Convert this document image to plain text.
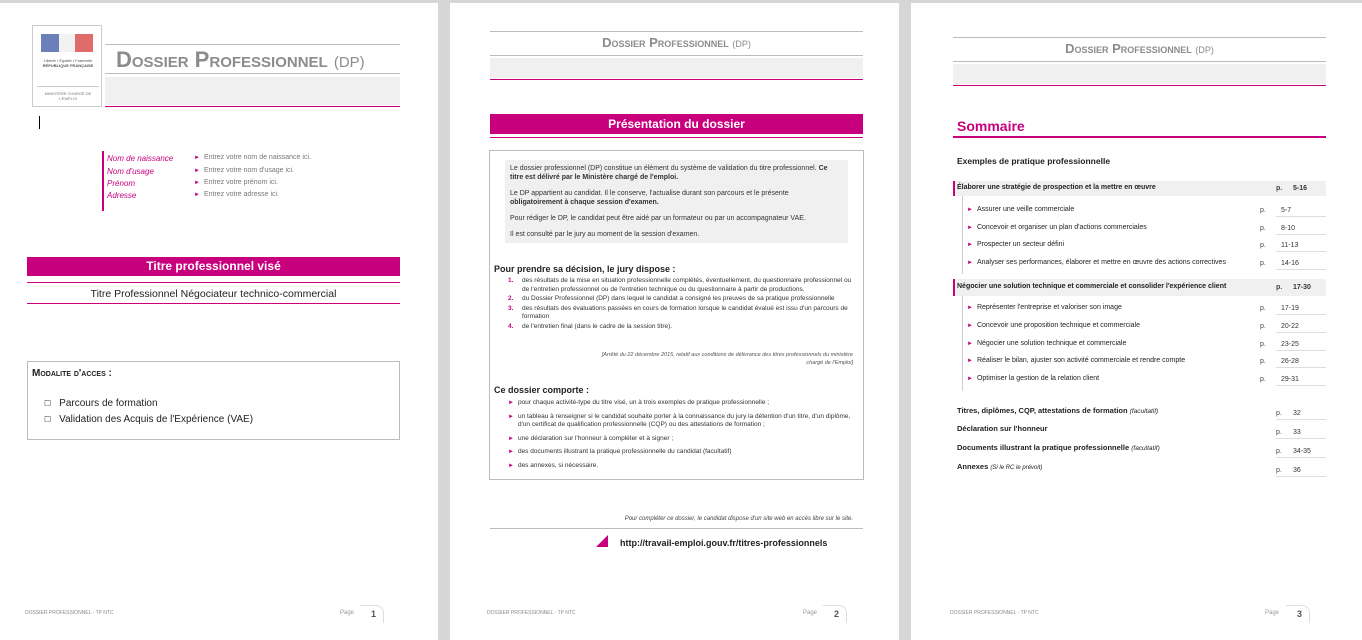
Liberté • Égalité • Fraternité
RÉPUBLIQUE FRANÇAISE
MINISTÈRE CHARGÉ DE L'EMPLOI
Dossier Professionnel (DP)
Nom de naissance	► Entrez votre nom de naissance ici.
Nom d'usage	► Entrez votre nom d'usage ici.
Prénom	► Entrez votre prénom ici.
Adresse	► Entrez votre adresse ici.
Titre professionnel visé
Titre Professionnel Négociateur technico-commercial
Modalite d'acces :
☐ Parcours de formation
☐ Validation des Acquis de l'Expérience (VAE)
DOSSIER PROFESSIONNEL - TP NTC	Page 1
Dossier Professionnel (DP)
Présentation du dossier
Le dossier professionnel (DP) constitue un élément du système de validation du titre professionnel. Ce titre est délivré par le Ministère chargé de l'emploi.
Le DP appartient au candidat. Il le conserve, l'actualise durant son parcours et le présente obligatoirement à chaque session d'examen.
Pour rédiger le DP, le candidat peut être aidé par un formateur ou par un accompagnateur VAE.
Il est consulté par le jury au moment de la session d'examen.
Pour prendre sa décision, le jury dispose :
1.	des résultats de la mise en situation professionnelle complétés, éventuellement, du questionnaire professionnel ou de l'entretien professionnel ou de l'entretien technique ou du questionnaire à partir de productions.
2.	du Dossier Professionnel (DP) dans lequel le candidat a consigné les preuves de sa pratique professionnelle
3.	des résultats des évaluations passées en cours de formation lorsque le candidat évalué est issu d'un parcours de formation
4.	de l'entretien final (dans le cadre de la session titre).
[Arrêté du 22 décembre 2015, relatif aux conditions de délivrance des titres professionnels du ministère chargé de l'Emploi]
Ce dossier comporte :
► pour chaque activité-type du titre visé, un à trois exemples de pratique professionnelle ;
► un tableau à renseigner si le candidat souhaite porter à la connaissance du jury la détention d'un titre, d'un diplôme, d'un certificat de qualification professionnelle (CQP) ou des attestations de formation ;
► une déclaration sur l'honneur à compléter et à signer ;
► des documents illustrant la pratique professionnelle du candidat (facultatif)
► des annexes, si nécessaire.
Pour compléter ce dossier, le candidat dispose d'un site web en accès libre sur le site.
http://travail-emploi.gouv.fr/titres-professionnels
DOSSIER PROFESSIONNEL - TP NTC	Page 2
Dossier Professionnel (DP)
Sommaire
Exemples de pratique professionnelle
Élaborer une stratégie de prospection et la mettre en œuvre	p. 5-16
► Assurer une veille commerciale	p. 5-7
► Concevoir et organiser un plan d'actions commerciales	p. 8-10
► Prospecter un secteur défini	p. 11-13
► Analyser ses performances, élaborer et mettre en œuvre des actions correctives	p. 14-16
Négocier une solution technique et commerciale et consolider l'expérience client	p. 17-30
► Représenter l'entreprise et valoriser son image	p. 17-19
► Concevoir une proposition technique et commerciale	p. 20-22
► Négocier une solution technique et commerciale	p. 23-25
► Réaliser le bilan, ajuster son activité commerciale et rendre compte	p. 26-28
► Optimiser la gestion de la relation client	p. 29-31
Titres, diplômes, CQP, attestations de formation (facultatif)	p. 32
Déclaration sur l'honneur	p. 33
Documents illustrant la pratique professionnelle (facultatif)	p. 34-35
Annexes (Si le RC le prévoit)	p. 36
DOSSIER PROFESSIONNEL - TP NTC	Page 3
